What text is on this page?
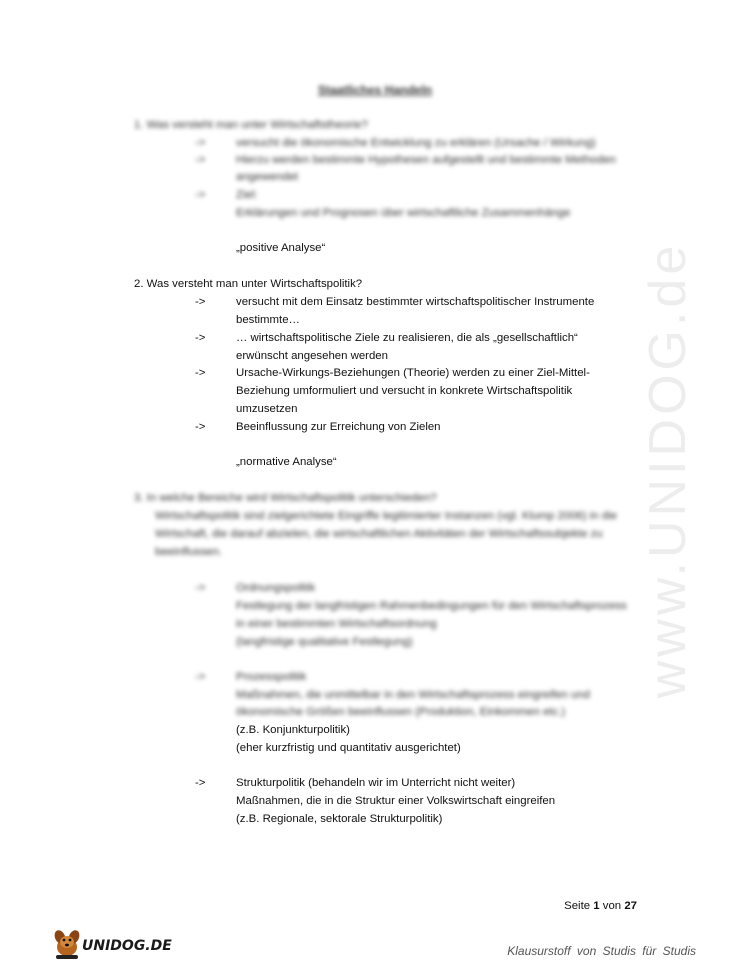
www.UNIDOG.de
Staatliches Handeln
1. Was versteht man unter Wirtschaftstheorie?
->	versucht die ökonomische Entwicklung zu erklären (Ursache / Wirkung)
->	Hierzu werden bestimmte Hypothesen aufgestellt und bestimmte Methoden
angewendet
->	Ziel:
Erklärungen und Prognosen über wirtschaftliche Zusammenhänge
„positive Analyse“
2. Was versteht man unter Wirtschaftspolitik?
->	versucht mit dem Einsatz bestimmter wirtschaftspolitischer Instrumente
bestimmte…
->	… wirtschaftspolitische Ziele zu realisieren, die als „gesellschaftlich“
erwünscht angesehen werden
->	Ursache-Wirkungs-Beziehungen (Theorie) werden zu einer Ziel-Mittel-
Beziehung umformuliert und versucht in konkrete Wirtschaftspolitik
umzusetzen
->	Beeinflussung zur Erreichung von Zielen
„normative Analyse“
3. In welche Bereiche wird Wirtschaftspolitik unterschieden?
Wirtschaftspolitik sind zielgerichtete Eingriffe legitimierter Instanzen (vgl. Klump 2006) in die
Wirtschaft, die darauf abzielen, die wirtschaftlichen Aktivitäten der Wirtschaftssubjekte zu
beeinflussen.
->	Ordnungspolitik
Festlegung der langfristigen Rahmenbedingungen für den Wirtschaftsprozess
in einer bestimmten Wirtschaftsordnung
(langfristige qualitative Festlegung)
->	Prozesspolitik
Maßnahmen, die unmittelbar in den Wirtschaftsprozess eingreifen und
ökonomische Größen beeinflussen (Produktion, Einkommen etc.)
(z.B. Konjunkturpolitik)
(eher kurzfristig und quantitativ ausgerichtet)
->	Strukturpolitik (behandeln wir im Unterricht nicht weiter)
Maßnahmen, die in die Struktur einer Volkswirtschaft eingreifen
(z.B. Regionale, sektorale Strukturpolitik)
Seite 1 von 27
UNIDOG.DE	Klausurstoff von Studis für Studis
